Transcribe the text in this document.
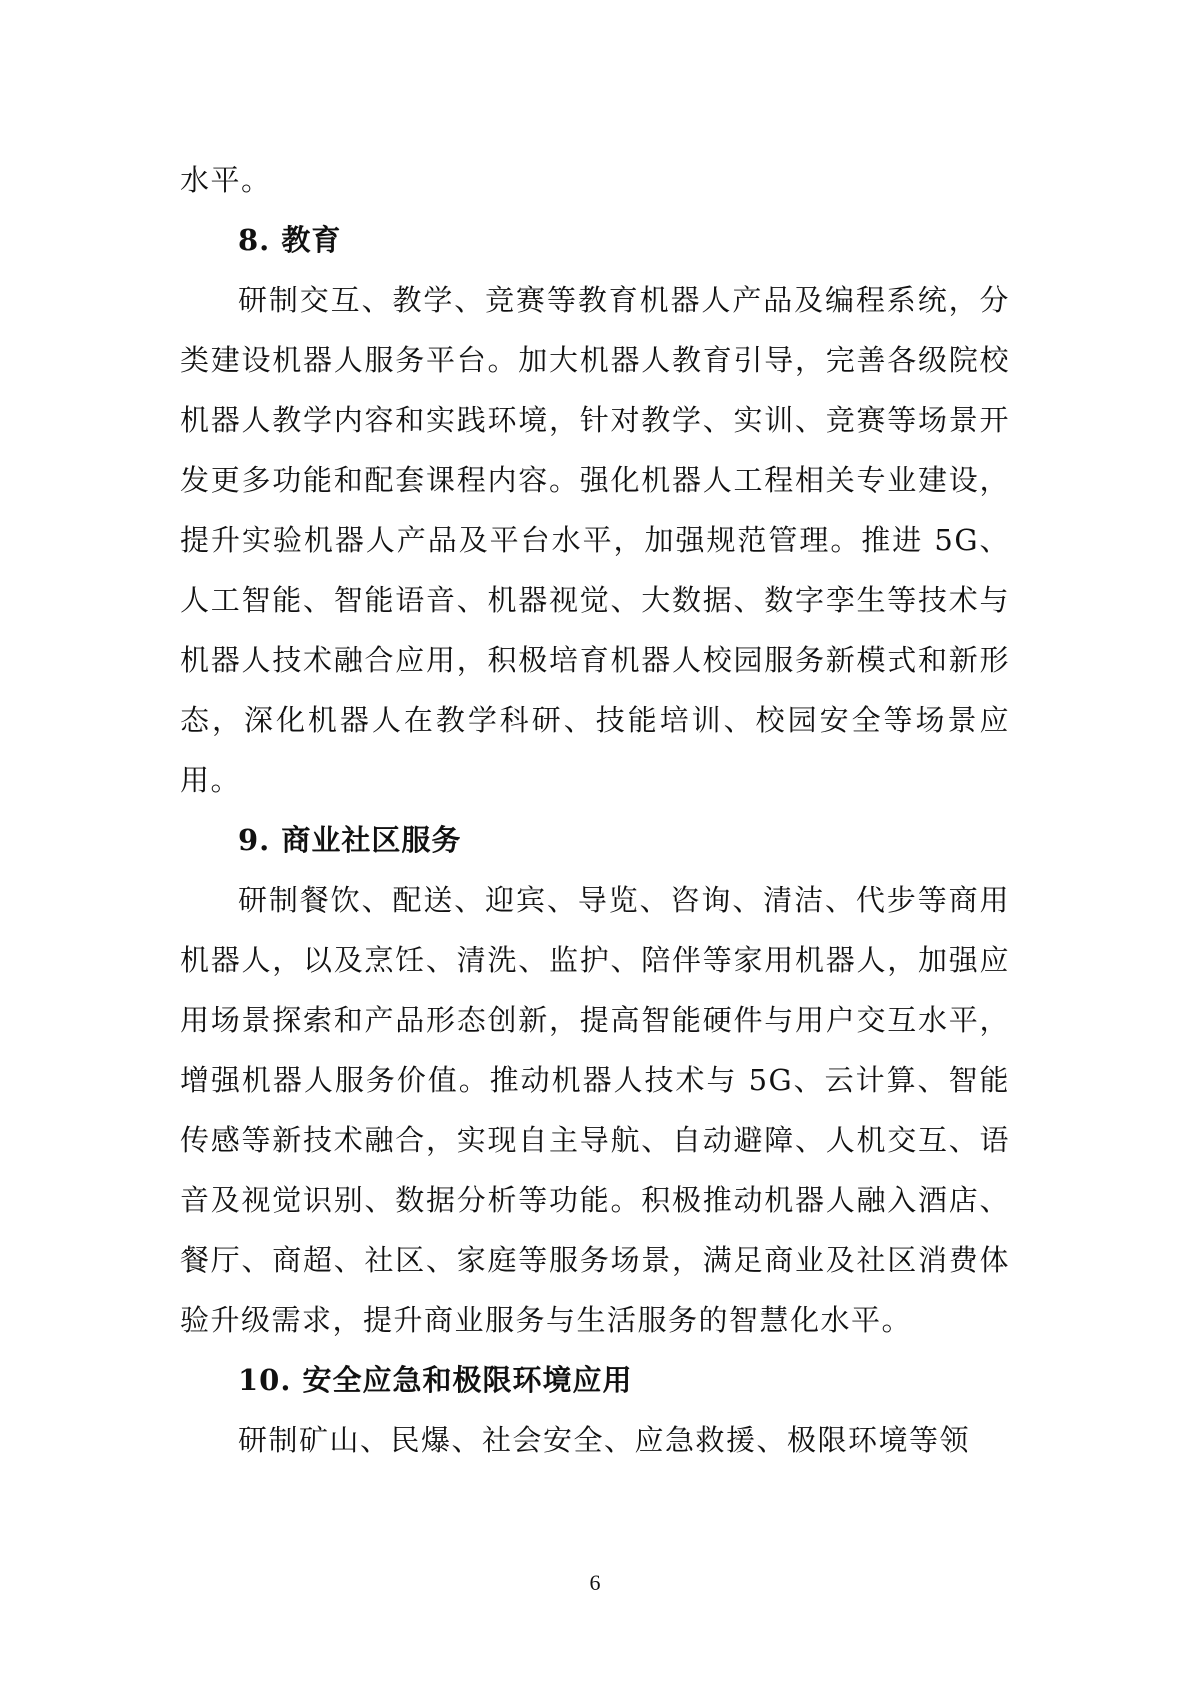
水平。

8. 教育

研制交互、教学、竞赛等教育机器人产品及编程系统，分类建设机器人服务平台。加大机器人教育引导，完善各级院校机器人教学内容和实践环境，针对教学、实训、竞赛等场景开发更多功能和配套课程内容。强化机器人工程相关专业建设，提升实验机器人产品及平台水平，加强规范管理。推进 5G、人工智能、智能语音、机器视觉、大数据、数字孪生等技术与机器人技术融合应用，积极培育机器人校园服务新模式和新形态，深化机器人在教学科研、技能培训、校园安全等场景应用。

9. 商业社区服务

研制餐饮、配送、迎宾、导览、咨询、清洁、代步等商用机器人，以及烹饪、清洗、监护、陪伴等家用机器人，加强应用场景探索和产品形态创新，提高智能硬件与用户交互水平，增强机器人服务价值。推动机器人技术与 5G、云计算、智能传感等新技术融合，实现自主导航、自动避障、人机交互、语音及视觉识别、数据分析等功能。积极推动机器人融入酒店、餐厅、商超、社区、家庭等服务场景，满足商业及社区消费体验升级需求，提升商业服务与生活服务的智慧化水平。

10. 安全应急和极限环境应用

研制矿山、民爆、社会安全、应急救援、极限环境等领

6
